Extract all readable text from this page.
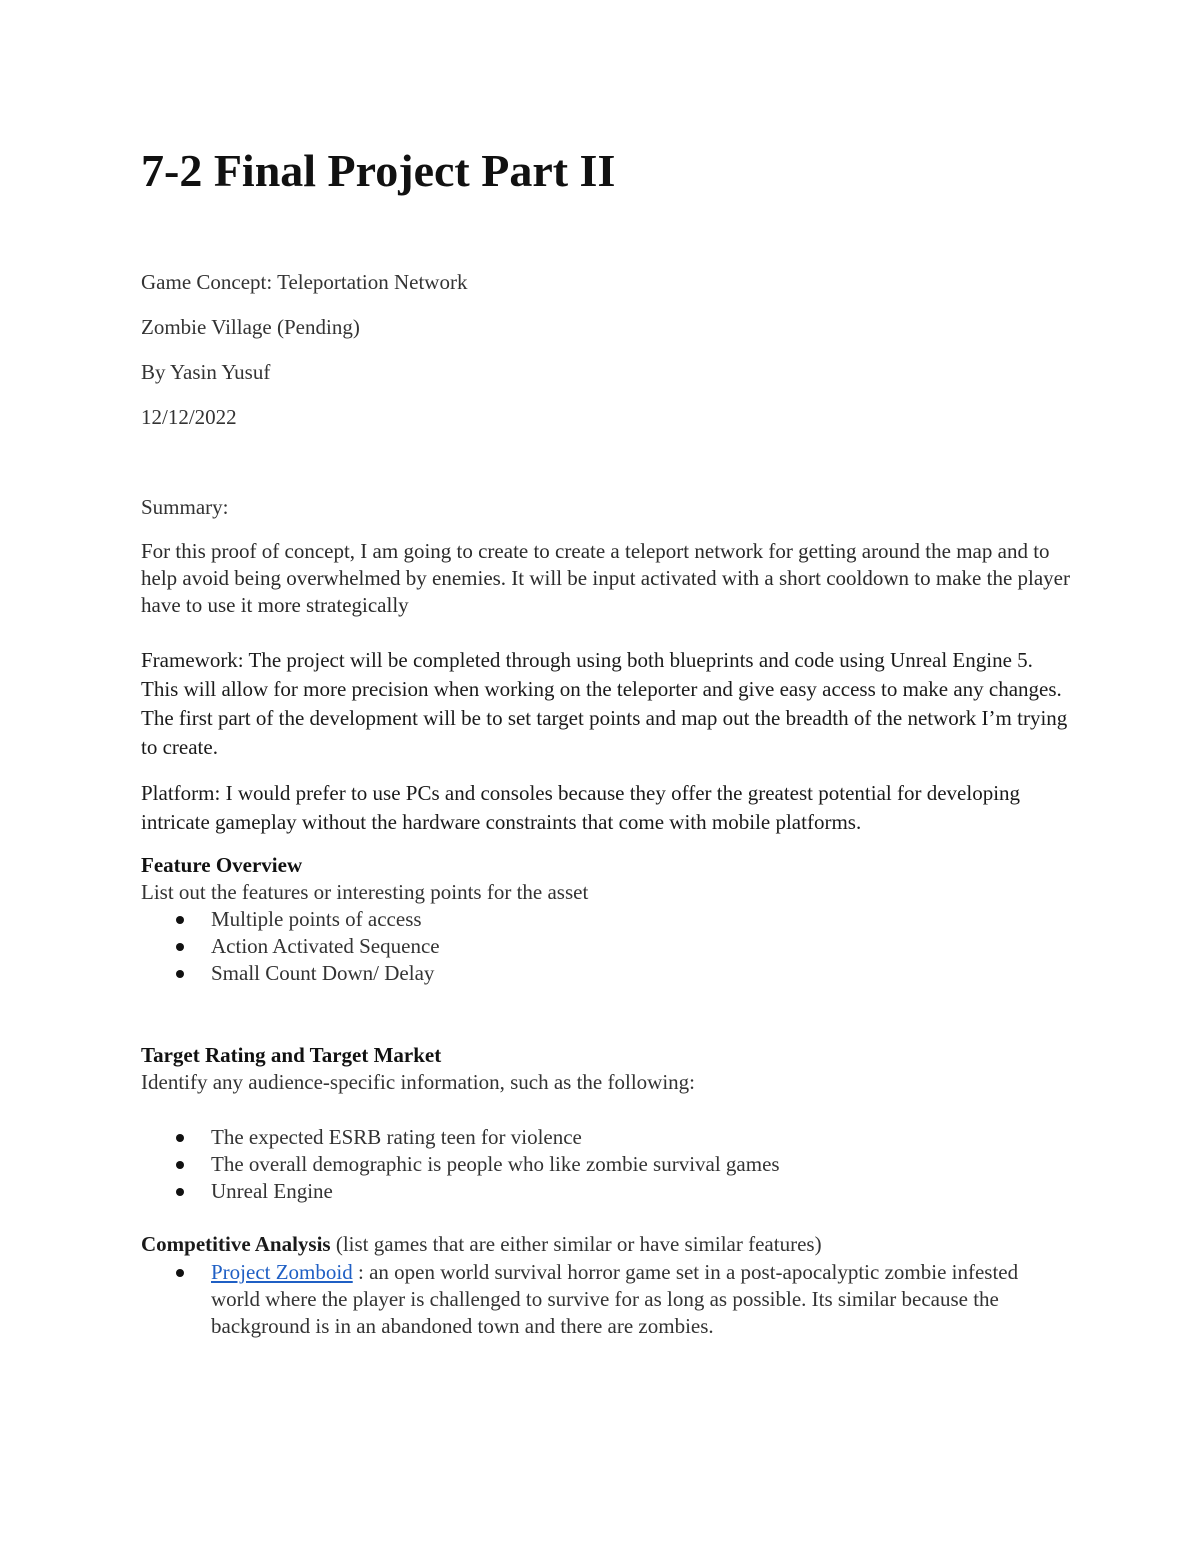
7-2 Final Project Part II

Game Concept: Teleportation Network

Zombie Village (Pending)

By Yasin Yusuf

12/12/2022

Summary:

For this proof of concept, I am going to create to create a teleport network for getting around the map and to help avoid being overwhelmed by enemies. It will be input activated with a short cooldown to make the player have to use it more strategically

Framework: The project will be completed through using both blueprints and code using Unreal Engine 5. This will allow for more precision when working on the teleporter and give easy access to make any changes. The first part of the development will be to set target points and map out the breadth of the network I’m trying to create.

Platform: I would prefer to use PCs and consoles because they offer the greatest potential for developing intricate gameplay without the hardware constraints that come with mobile platforms.

Feature Overview

List out the features or interesting points for the asset

Multiple points of access
Action Activated Sequence
Small Count Down/ Delay

Target Rating and Target Market

Identify any audience-specific information, such as the following:

The expected ESRB rating teen for violence
The overall demographic is people who like zombie survival games
Unreal Engine

Competitive Analysis (list games that are either similar or have similar features)

Project Zomboid : an open world survival horror game set in a post-apocalyptic zombie infested world where the player is challenged to survive for as long as possible. Its similar because the background is in an abandoned town and there are zombies.
